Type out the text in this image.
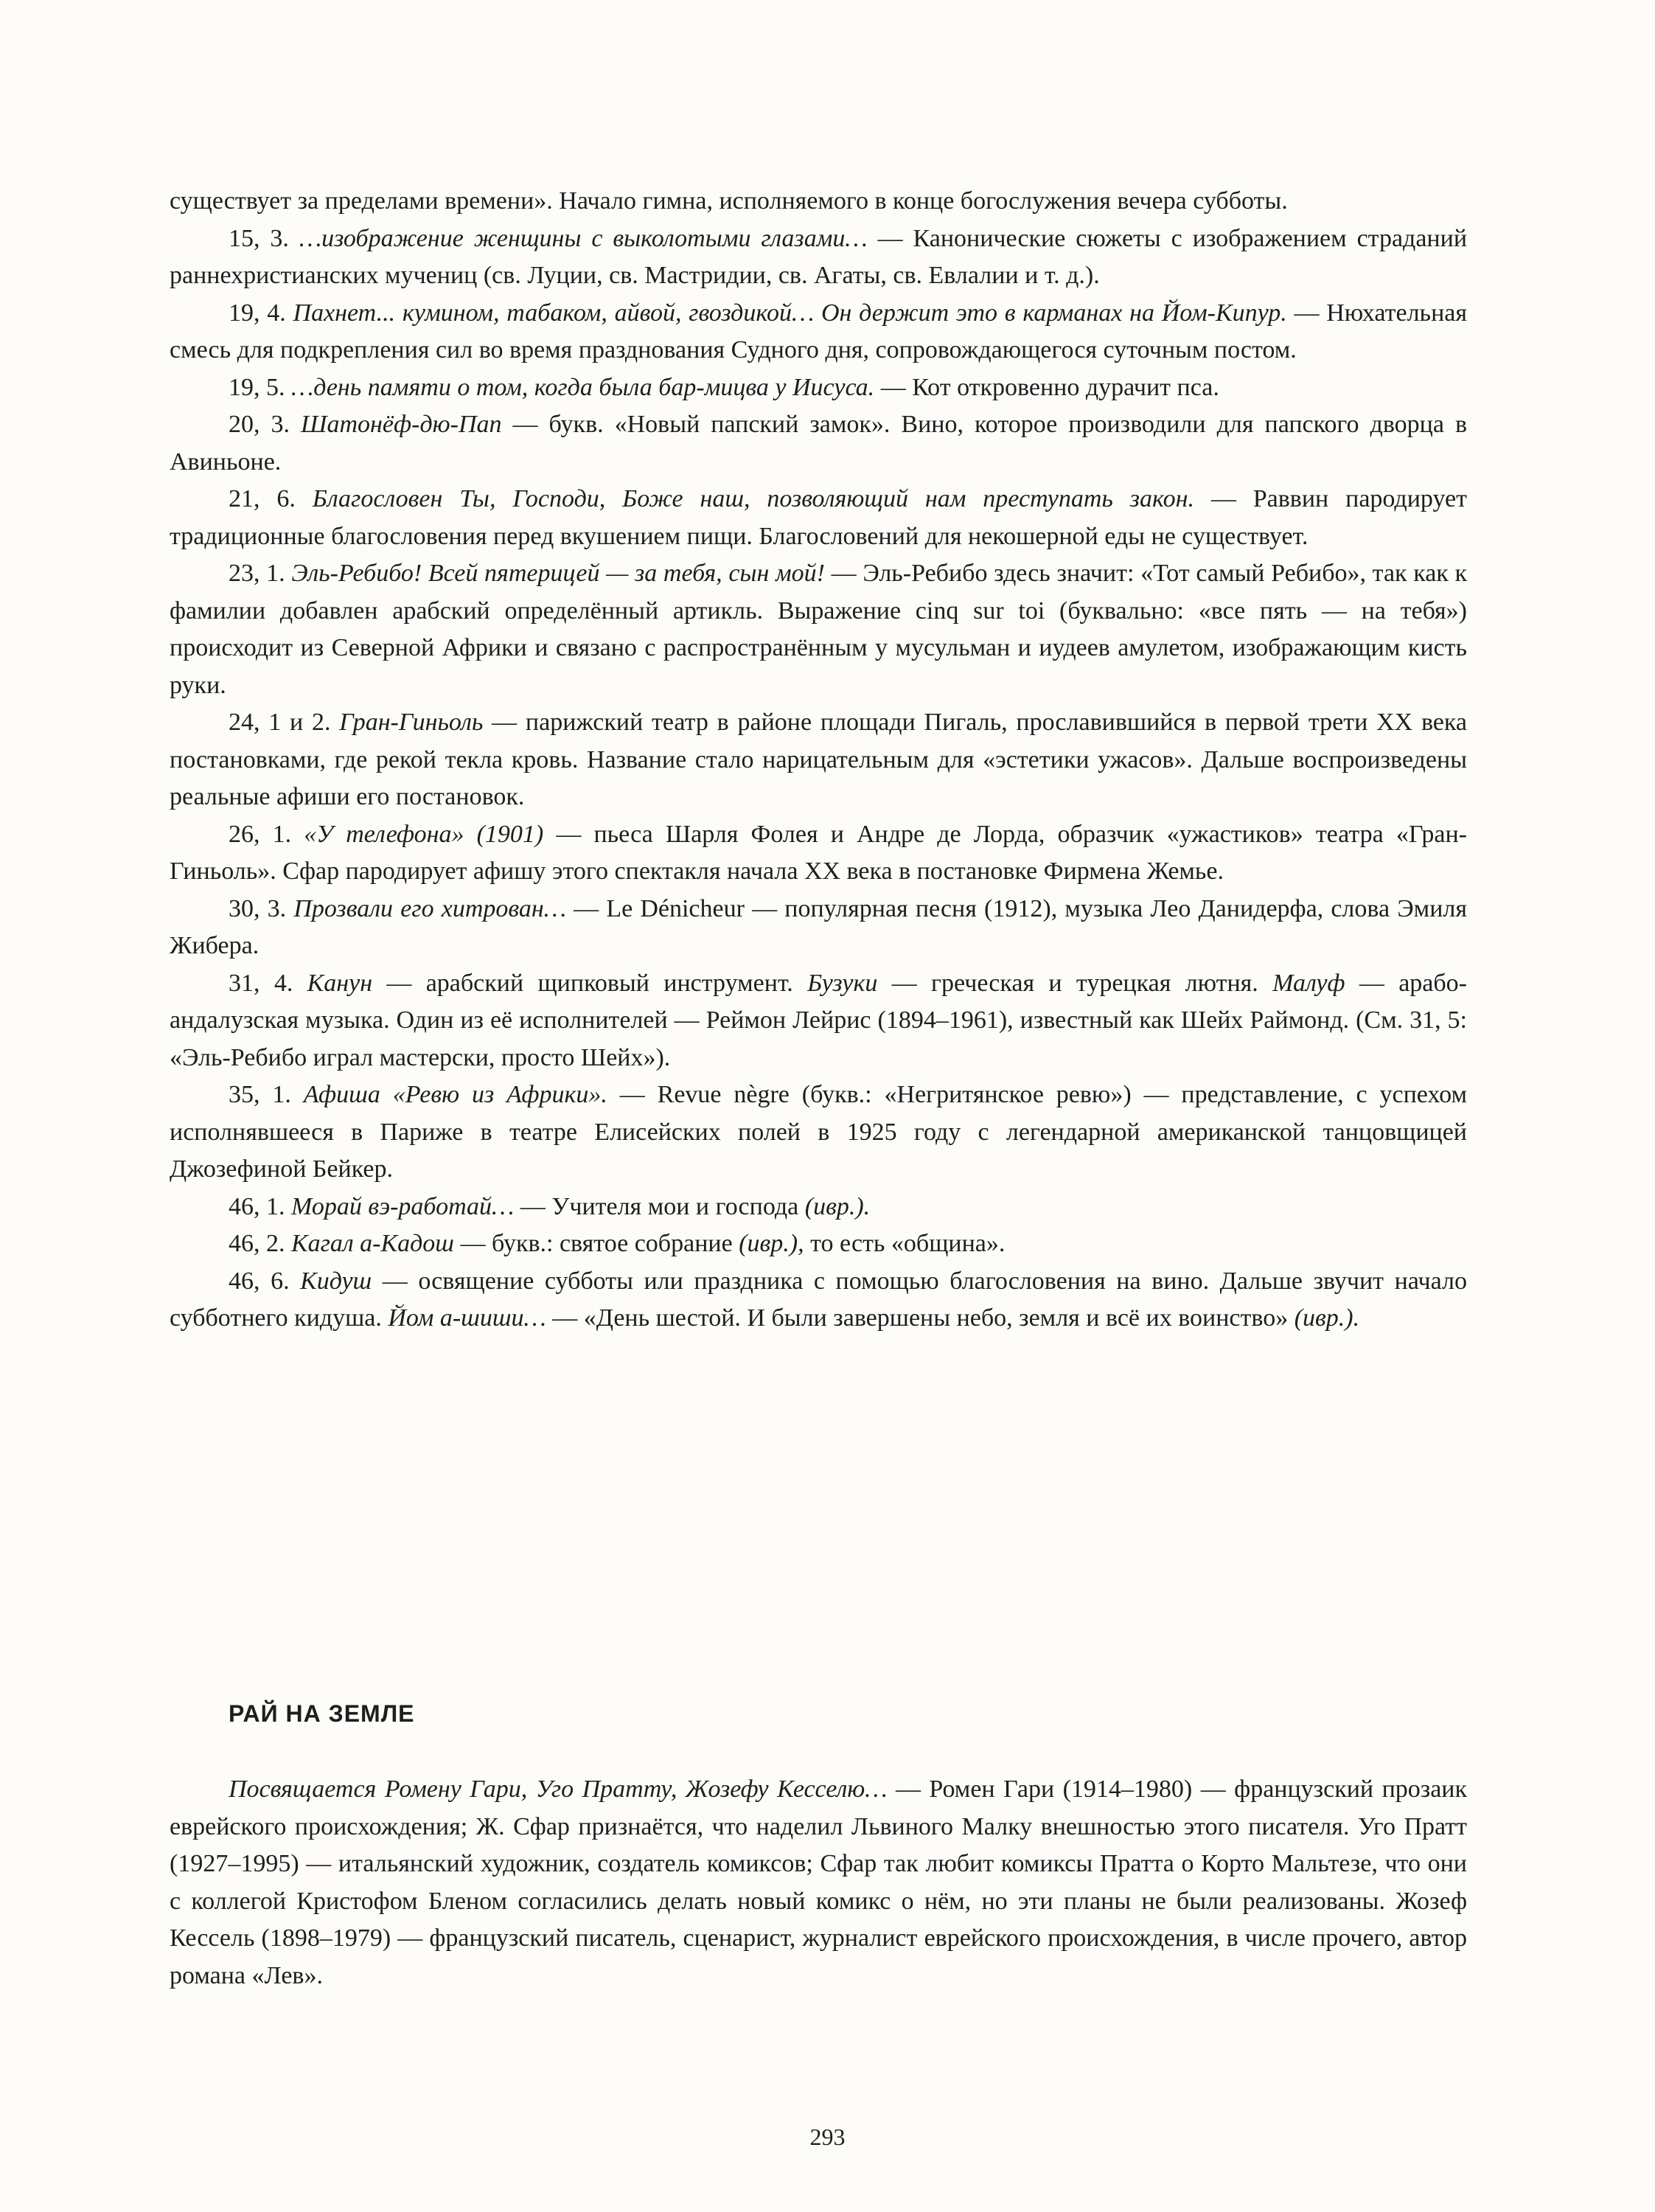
существует за пределами времени». Начало гимна, исполняемого в конце богослужения вечера субботы.

15, 3. …изображение женщины с выколотыми глазами… — Канонические сюжеты с изображением страданий раннехристианских мучениц (св. Луции, св. Мастридии, св. Агаты, св. Евлалии и т. д.).

19, 4. Пахнет... кумином, табаком, айвой, гвоздикой… Он держит это в карманах на Йом-Кипур. — Нюхательная смесь для подкрепления сил во время празднования Судного дня, сопровождающегося суточным постом.

19, 5. …день памяти о том, когда была бар-мицва у Иисуса. — Кот откровенно дурачит пса.

20, 3. Шатонёф-дю-Пап — букв. «Новый папский замок». Вино, которое производили для папского дворца в Авиньоне.

21, 6. Благословен Ты, Господи, Боже наш, позволяющий нам преступать закон. — Раввин пародирует традиционные благословения перед вкушением пищи. Благословений для некошерной еды не существует.

23, 1. Эль-Ребибо! Всей пятерицей — за тебя, сын мой! — Эль-Ребибо здесь значит: «Тот самый Ребибо», так как к фамилии добавлен арабский определённый артикль. Выражение cinq sur toi (буквально: «все пять — на тебя») происходит из Северной Африки и связано с распространённым у мусульман и иудеев амулетом, изображающим кисть руки.

24, 1 и 2. Гран-Гиньоль — парижский театр в районе площади Пигаль, прославившийся в первой трети XX века постановками, где рекой текла кровь. Название стало нарицательным для «эстетики ужасов». Дальше воспроизведены реальные афиши его постановок.

26, 1. «У телефона» (1901) — пьеса Шарля Фолея и Андре де Лорда, образчик «ужастиков» театра «Гран-Гиньоль». Сфар пародирует афишу этого спектакля начала XX века в постановке Фирмена Жемье.

30, 3. Прозвали его хитрован… — Le Dénicheur — популярная песня (1912), музыка Лео Данидерфа, слова Эмиля Жибера.

31, 4. Канун — арабский щипковый инструмент. Бузуки — греческая и турецкая лютня. Малуф — арабо-андалузская музыка. Один из её исполнителей — Реймон Лейрис (1894–1961), известный как Шейх Раймонд. (См. 31, 5: «Эль-Ребибо играл мастерски, просто Шейх»).

35, 1. Афиша «Ревю из Африки». — Revue nègre (букв.: «Негритянское ревю») — представление, с успехом исполнявшееся в Париже в театре Елисейских полей в 1925 году с легендарной американской танцовщицей Джозефиной Бейкер.

46, 1. Морай вэ-работай… — Учителя мои и господа (ивр.).

46, 2. Кагал а-Кадош — букв.: святое собрание (ивр.), то есть «община».

46, 6. Кидуш — освящение субботы или праздника с помощью благословения на вино. Дальше звучит начало субботнего кидуша. Йом а-шиши… — «День шестой. И были завершены небо, земля и всё их воинство» (ивр.).

РАЙ НА ЗЕМЛЕ

Посвящается Ромену Гари, Уго Пратту, Жозефу Кесселю… — Ромен Гари (1914–1980) — французский прозаик еврейского происхождения; Ж. Сфар признаётся, что наделил Львиного Малку внешностью этого писателя. Уго Пратт (1927–1995) — итальянский художник, создатель комиксов; Сфар так любит комиксы Пратта о Корто Мальтезе, что они с коллегой Кристофом Бленом согласились делать новый комикс о нём, но эти планы не были реализованы. Жозеф Кессель (1898–1979) — французский писатель, сценарист, журналист еврейского происхождения, в числе прочего, автор романа «Лев».

293
